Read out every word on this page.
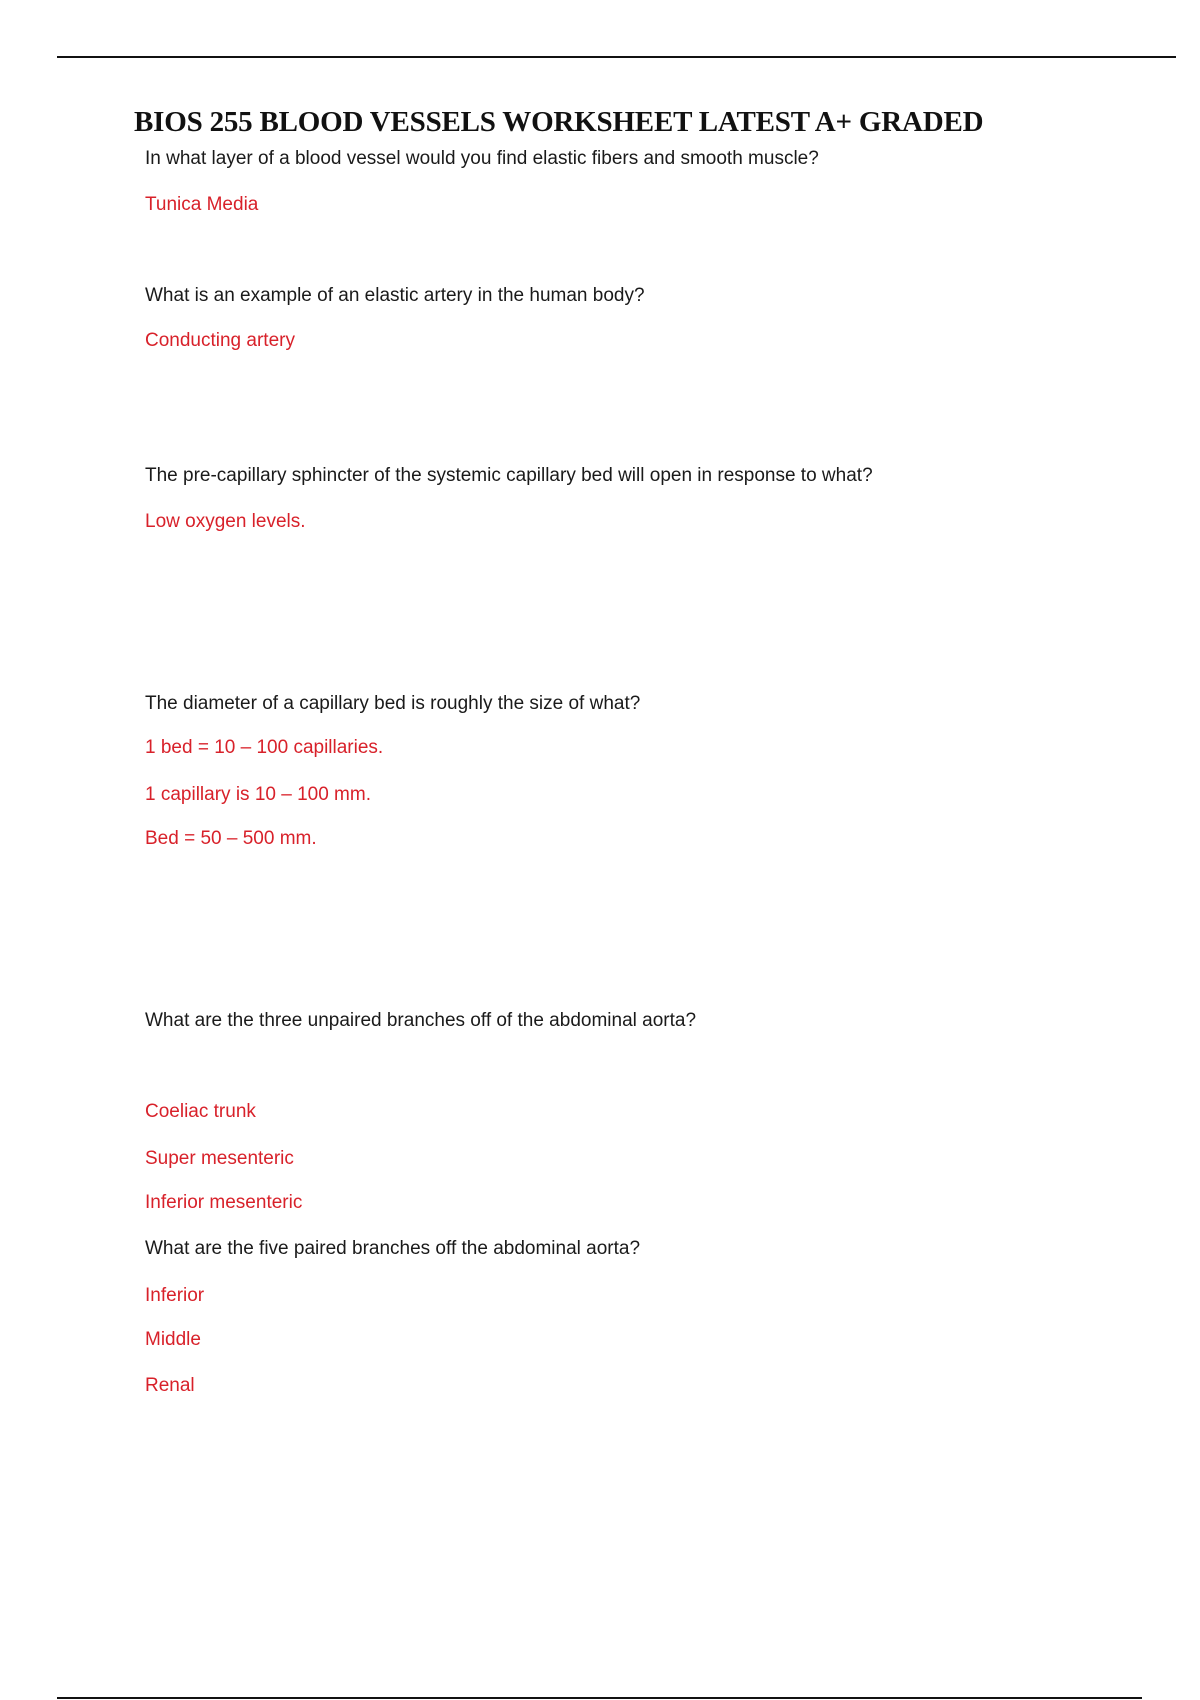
BIOS 255 BLOOD VESSELS WORKSHEET LATEST A+ GRADED

In what layer of a blood vessel would you find elastic fibers and smooth muscle?

Tunica Media

What is an example of an elastic artery in the human body?

Conducting artery

The pre-capillary sphincter of the systemic capillary bed will open in response to what?

Low oxygen levels.

The diameter of a capillary bed is roughly the size of what?

1 bed = 10 – 100 capillaries.

1 capillary is 10 – 100 mm.

Bed = 50 – 500 mm.

What are the three unpaired branches off of the abdominal aorta?

Coeliac trunk

Super mesenteric

Inferior mesenteric

What are the five paired branches off the abdominal aorta?

Inferior

Middle

Renal
